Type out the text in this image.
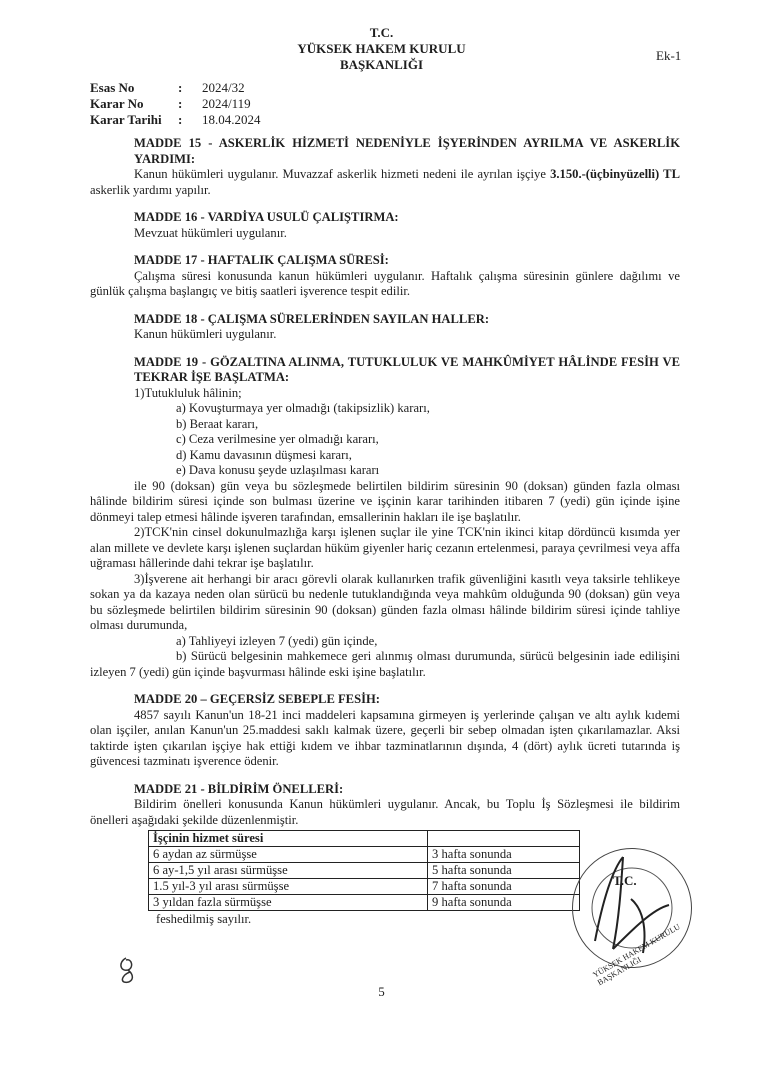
T.C.
YÜKSEK HAKEM KURULU
BAŞKANLIĞI
Ek-1
Esas No	:	2024/32
Karar No	:	2024/119
Karar Tarihi	:	18.04.2024
MADDE 15 - ASKERLİK HİZMETİ NEDENİYLE İŞYERİNDEN AYRILMA VE ASKERLİK YARDIMI:
Kanun hükümleri uygulanır. Muvazzaf askerlik hizmeti nedeni ile ayrılan işçiye 3.150.-(üçbinyüzelli) TL askerlik yardımı yapılır.
MADDE 16 - VARDİYA USULÜ ÇALIŞTIRMA:
Mevzuat hükümleri uygulanır.
MADDE 17 - HAFTALIK ÇALIŞMA SÜRESİ:
Çalışma süresi konusunda kanun hükümleri uygulanır. Haftalık çalışma süresinin günlere dağılımı ve günlük çalışma başlangıç ve bitiş saatleri işverence tespit edilir.
MADDE 18 - ÇALIŞMA SÜRELERİNDEN SAYILAN HALLER:
Kanun hükümleri uygulanır.
MADDE 19 - GÖZALTINA ALINMA, TUTUKLULUK VE MAHKÛMİYET HÂLİNDE FESİH VE TEKRAR İŞE BAŞLATMA:
1)Tutukluluk hâlinin;
a) Kovuşturmaya yer olmadığı (takipsizlik) kararı,
b) Beraat kararı,
c) Ceza verilmesine yer olmadığı kararı,
d) Kamu davasının düşmesi kararı,
e) Dava konusu şeyde uzlaşılması kararı
ile 90 (doksan) gün veya bu sözleşmede belirtilen bildirim süresinin 90 (doksan) günden fazla olması hâlinde bildirim süresi içinde son bulması üzerine ve işçinin karar tarihinden itibaren 7 (yedi) gün içinde işine dönmeyi talep etmesi hâlinde işveren tarafından, emsallerinin hakları ile işe başlatılır.
2)TCK'nin cinsel dokunulmazlığa karşı işlenen suçlar ile yine TCK'nin ikinci kitap dördüncü kısımda yer alan millete ve devlete karşı işlenen suçlardan hüküm giyenler hariç cezanın ertelenmesi, paraya çevrilmesi veya affa uğraması hâllerinde dahi tekrar işe başlatılır.
3)İşverene ait herhangi bir aracı görevli olarak kullanırken trafik güvenliğini kasıtlı veya taksirle tehlikeye sokan ya da kazaya neden olan sürücü bu nedenle tutuklandığında veya mahkûm olduğunda 90 (doksan) gün veya bu sözleşmede belirtilen bildirim süresinin 90 (doksan) günden fazla olması hâlinde bildirim süresi içinde tahliye olması durumunda,
a) Tahliyeyi izleyen 7 (yedi) gün içinde,
b) Sürücü belgesinin mahkemece geri alınmış olması durumunda, sürücü belgesinin iade edilişini izleyen 7 (yedi) gün içinde başvurması hâlinde eski işine başlatılır.
MADDE 20 – GEÇERSİZ SEBEPLE FESİH:
4857 sayılı Kanun'un 18-21 inci maddeleri kapsamına girmeyen iş yerlerinde çalışan ve altı aylık kıdemi olan işçiler, anılan Kanun'un 25.maddesi saklı kalmak üzere, geçerli bir sebep olmadan işten çıkarılamazlar. Aksi taktirde işten çıkarılan işçiye hak ettiği kıdem ve ihbar tazminatlarının dışında, 4 (dört) aylık ücreti tutarında iş güvencesi tazminatı işverence ödenir.
MADDE 21 - BİLDİRİM ÖNELLERİ:
Bildirim önelleri konusunda Kanun hükümleri uygulanır. Ancak, bu Toplu İş Sözleşmesi ile bildirim önelleri aşağıdaki şekilde düzenlenmiştir.
İşçinin hizmet süresi	
6 aydan az sürmüşse	3 hafta sonunda
6 ay-1,5 yıl arası sürmüşse	5 hafta sonunda
1.5 yıl-3 yıl arası sürmüşse	7 hafta sonunda
3 yıldan fazla sürmüşse	9 hafta sonunda
feshedilmiş sayılır.
T.C.
YÜKSEK HAKEM KURULU BAŞKANLIĞI
5
